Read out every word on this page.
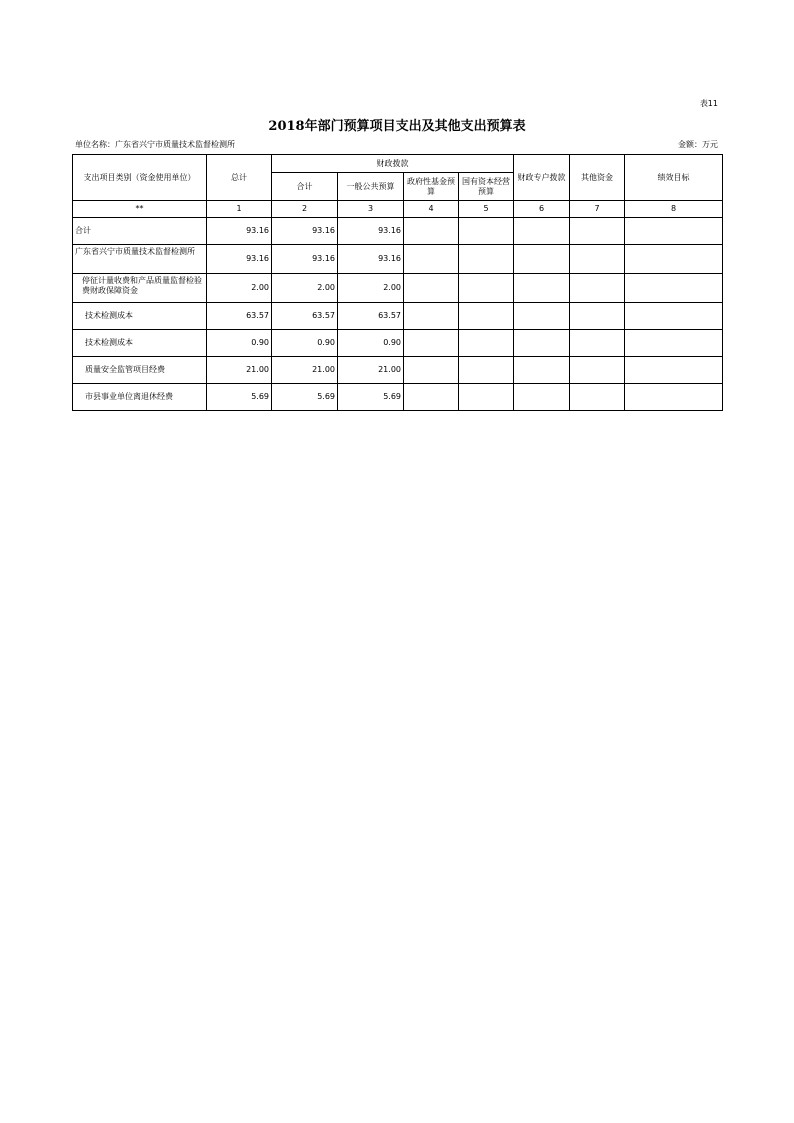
表11
2018年部门预算项目支出及其他支出预算表
单位名称：广东省兴宁市质量技术监督检测所	金额：万元
支出项目类别（资金使用单位）	总计	财政拨款				财政专户拨款	其他资金	绩效目标
		合计	一般公共预算	政府性基金预算	国有资本经营预算			
**	1	2	3	4	5	6	7	8
合计	93.16	93.16	93.16					
广东省兴宁市质量技术监督检测所	93.16	93.16	93.16					
停征计量收费和产品质量监督检验费财政保障资金	2.00	2.00	2.00					
技术检测成本	63.57	63.57	63.57					
技术检测成本	0.90	0.90	0.90					
质量安全监管项目经费	21.00	21.00	21.00					
市县事业单位离退休经费	5.69	5.69	5.69					
